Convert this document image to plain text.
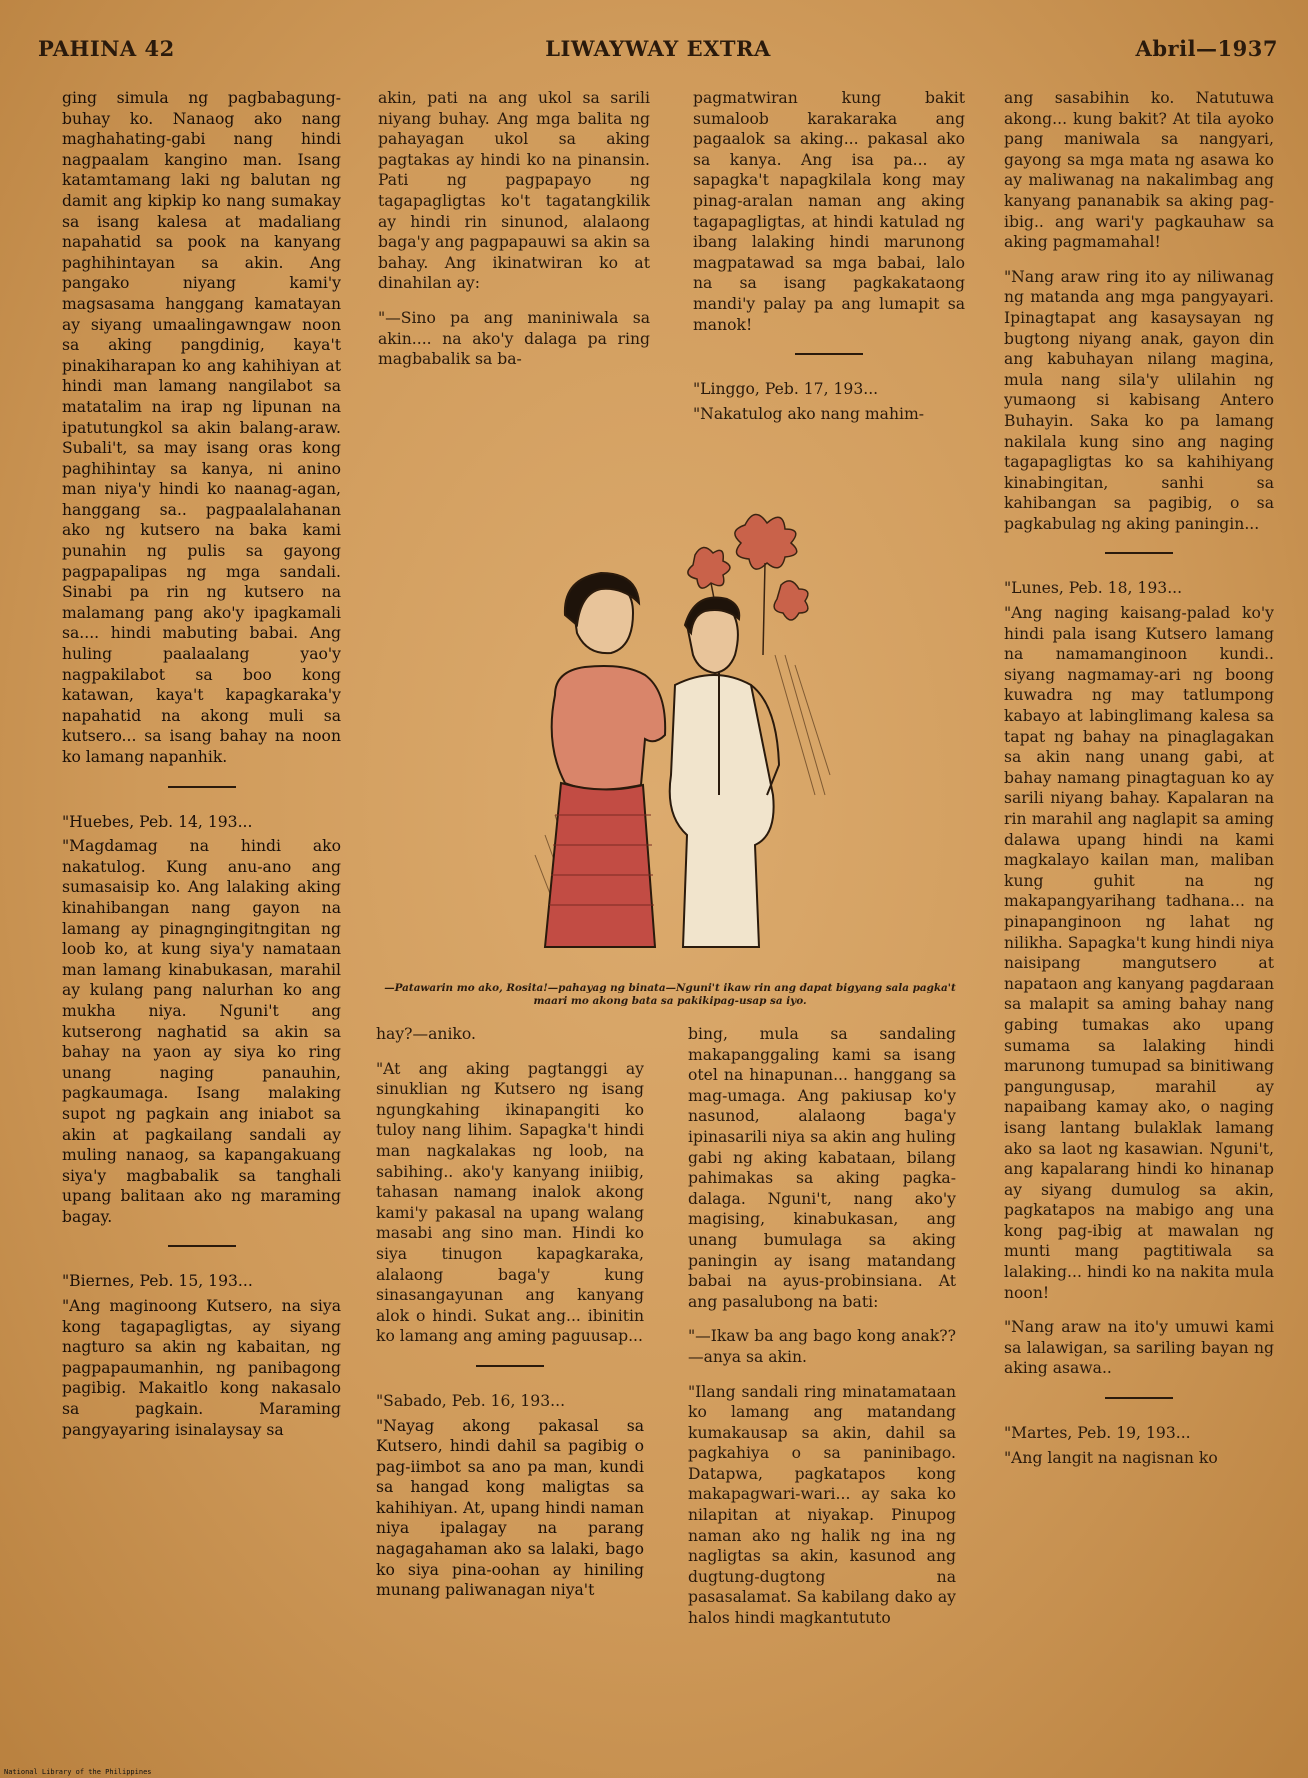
PAHINA 42	LIWAYWAY EXTRA	Abril—1937

ging simula ng pagbabagung-buhay ko. Nanaog ako nang maghahating-gabi nang hindi nagpaalam kangino man. Isang katamtamang laki ng balutan ng damit ang kipkip ko nang sumakay sa isang kalesa at madaliang napahatid sa pook na kanyang paghihintayan sa akin. Ang pangako niyang kami'y magsasama hanggang kamatayan ay siyang umaalingawngaw noon sa aking pangdinig, kaya't pinakiharapan ko ang kahihiyan at hindi man lamang nangilabot sa matatalim na irap ng lipunan na ipatutungkol sa akin balang-araw. Subali't, sa may isang oras kong paghihintay sa kanya, ni anino man niya'y hindi ko naanag-agan, hanggang sa.. pagpaalalahanan ako ng kutsero na baka kami punahin ng pulis sa gayong pagpapalipas ng mga sandali. Sinabi pa rin ng kutsero na malamang pang ako'y ipagkamali sa.... hindi mabuting babai. Ang huling paalaalang yao'y nagpakilabot sa boo kong katawan, kaya't kapagkaraka'y napahatid na akong muli sa kutsero... sa isang bahay na noon ko lamang napanhik.

"Huebes, Peb. 14, 193...

"Magdamag na hindi ako nakatulog. Kung anu-ano ang sumasaisip ko. Ang lalaking aking kinahibangan nang gayon na lamang ay pinagngingitngitan ng loob ko, at kung siya'y namataan man lamang kinabukasan, marahil ay kulang pang nalurhan ko ang mukha niya. Nguni't ang kutserong naghatid sa akin sa bahay na yaon ay siya ko ring unang naging panauhin, pagkaumaga. Isang malaking supot ng pagkain ang iniabot sa akin at pagkailang sandali ay muling nanaog, sa kapangakuang siya'y magbabalik sa tanghali upang balitaan ako ng maraming bagay.

"Biernes, Peb. 15, 193...

"Ang maginoong Kutsero, na siya kong tagapagligtas, ay siyang nagturo sa akin ng kabaitan, ng pagpapaumanhin, ng panibagong pagibig. Makaitlo kong nakasalo sa pagkain. Maraming pangyayaring isinalaysay sa

akin, pati na ang ukol sa sarili niyang buhay. Ang mga balita ng pahayagan ukol sa aking pagtakas ay hindi ko na pinansin. Pati ng pagpapayo ng tagapagligtas ko't tagatangkilik ay hindi rin sinunod, alalaong baga'y ang pagpapauwi sa akin sa bahay. Ang ikinatwiran ko at dinahilan ay:

"—Sino pa ang maniniwala sa akin.... na ako'y dalaga pa ring magbabalik sa ba-

pagmatwiran kung bakit sumaloob karakaraka ang pagaalok sa aking... pakasal ako sa kanya. Ang isa pa... ay sapagka't napagkilala kong may pinag-aralan naman ang aking tagapagligtas, at hindi katulad ng ibang lalaking hindi marunong magpatawad sa mga babai, lalo na sa isang pagkakataong mandi'y palay pa ang lumapit sa manok!

"Linggo, Peb. 17, 193...

"Nakatulog ako nang mahim-

—Patawarin mo ako, Rosita!—pahayag ng binata—Nguni't ikaw rin ang dapat bigyang sala pagka't maari mo akong bata sa pakikipag-usap sa iyo.

hay?—aniko.

"At ang aking pagtanggi ay sinuklian ng Kutsero ng isang ngungkahing ikinapangiti ko tuloy nang lihim. Sapagka't hindi man nagkalakas ng loob, na sabihing.. ako'y kanyang iniibig, tahasan namang inalok akong kami'y pakasal na upang walang masabi ang sino man. Hindi ko siya tinugon kapagkaraka, alalaong baga'y kung sinasangayunan ang kanyang alok o hindi. Sukat ang... ibinitin ko lamang ang aming paguusap...

"Sabado, Peb. 16, 193...

"Nayag akong pakasal sa Kutsero, hindi dahil sa pagibig o pag-iimbot sa ano pa man, kundi sa hangad kong maligtas sa kahihiyan. At, upang hindi naman niya ipalagay na parang nagagahaman ako sa lalaki, bago ko siya pina-oohan ay hiniling munang paliwanagan niya't

bing, mula sa sandaling makapanggaling kami sa isang otel na hinapunan... hanggang sa mag-umaga. Ang pakiusap ko'y nasunod, alalaong baga'y ipinasarili niya sa akin ang huling gabi ng aking kabataan, bilang pahimakas sa aking pagka-dalaga. Nguni't, nang ako'y magising, kinabukasan, ang unang bumulaga sa aking paningin ay isang matandang babai na ayus-probinsiana. At ang pasalubong na bati:

"—Ikaw ba ang bago kong anak??—anya sa akin.

"Ilang sandali ring minatamataan ko lamang ang matandang kumakausap sa akin, dahil sa pagkahiya o sa paninibago. Datapwa, pagkatapos kong makapagwari-wari... ay saka ko nilapitan at niyakap. Pinupog naman ako ng halik ng ina ng nagligtas sa akin, kasunod ang dugtung-dugtong na pasasalamat. Sa kabilang dako ay halos hindi magkantututo

ang sasabihin ko. Natutuwa akong... kung bakit? At tila ayoko pang maniwala sa nangyari, gayong sa mga mata ng asawa ko ay maliwanag na nakalimbag ang kanyang pananabik sa aking pag-ibig.. ang wari'y pagkauhaw sa aking pagmamahal!

"Nang araw ring ito ay niliwanag ng matanda ang mga pangyayari. Ipinagtapat ang kasaysayan ng bugtong niyang anak, gayon din ang kabuhayan nilang magina, mula nang sila'y ulilahin ng yumaong si kabisang Antero Buhayin. Saka ko pa lamang nakilala kung sino ang naging tagapagligtas ko sa kahihiyang kinabingitan, sanhi sa kahibangan sa pagibig, o sa pagkabulag ng aking paningin...

"Lunes, Peb. 18, 193...

"Ang naging kaisang-palad ko'y hindi pala isang Kutsero lamang na namamanginoon kundi.. siyang nagmamay-ari ng boong kuwadra ng may tatlumpong kabayo at labinglimang kalesa sa tapat ng bahay na pinaglagakan sa akin nang unang gabi, at bahay namang pinagtaguan ko ay sarili niyang bahay. Kapalaran na rin marahil ang naglapit sa aming dalawa upang hindi na kami magkalayo kailan man, maliban kung guhit na ng makapangyarihang tadhana... na pinapanginoon ng lahat ng nilikha. Sapagka't kung hindi niya naisipang mangutsero at napataon ang kanyang pagdaraan sa malapit sa aming bahay nang gabing tumakas ako upang sumama sa lalaking hindi marunong tumupad sa binitiwang pangungusap, marahil ay napaibang kamay ako, o naging isang lantang bulaklak lamang ako sa laot ng kasawian. Nguni't, ang kapalarang hindi ko hinanap ay siyang dumulog sa akin, pagkatapos na mabigo ang una kong pag-ibig at mawalan ng munti mang pagtitiwala sa lalaking... hindi ko na nakita mula noon!

"Nang araw na ito'y umuwi kami sa lalawigan, sa sariling bayan ng aking asawa..

"Martes, Peb. 19, 193...

"Ang langit na nagisnan ko

National Library of the Philippines
